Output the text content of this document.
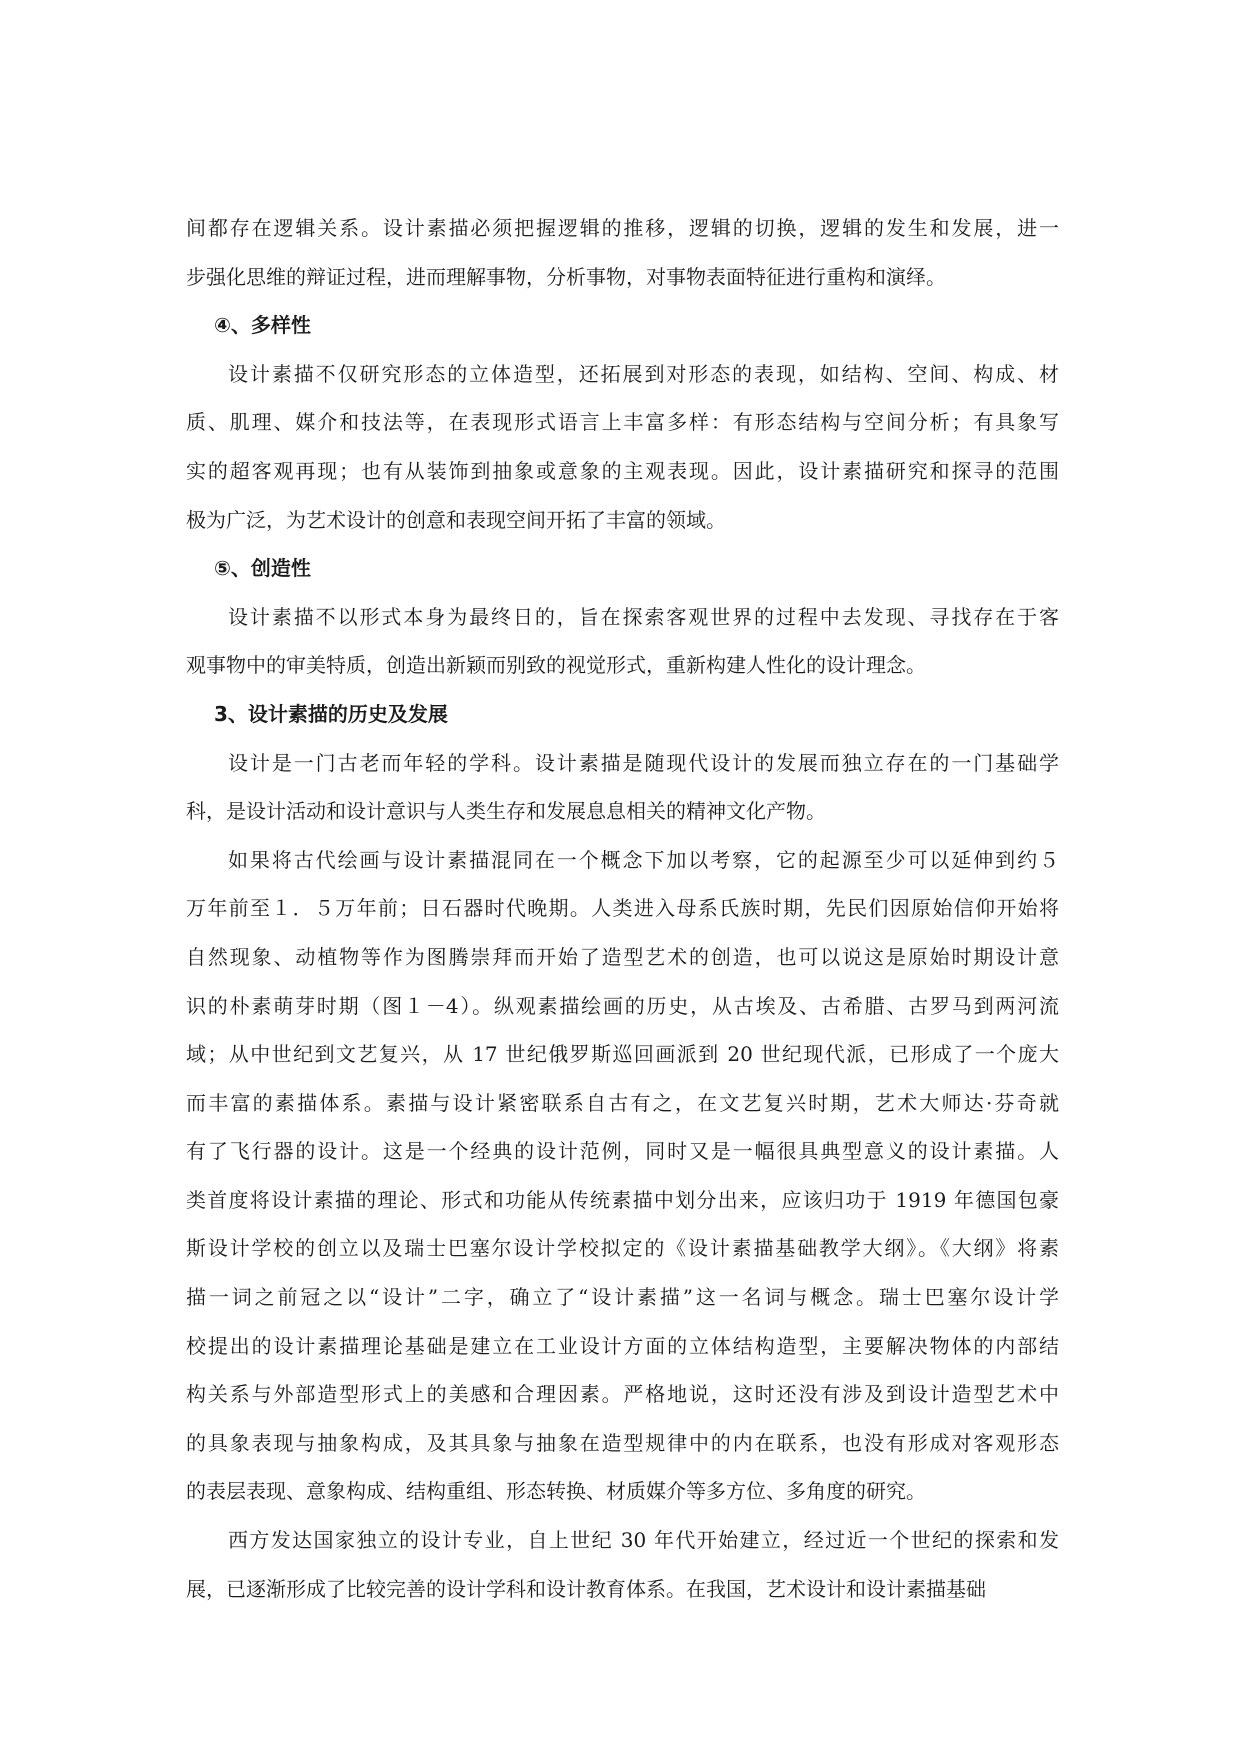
间都存在逻辑关系。设计素描必须把握逻辑的推移，逻辑的切换，逻辑的发生和发展，进一
步强化思维的辩证过程，进而理解事物，分析事物，对事物表面特征进行重构和演绎。
④、多样性
设计素描不仅研究形态的立体造型，还拓展到对形态的表现，如结构、空间、构成、材
质、肌理、媒介和技法等，在表现形式语言上丰富多样：有形态结构与空间分析；有具象写
实的超客观再现；也有从装饰到抽象或意象的主观表现。因此，设计素描研究和探寻的范围
极为广泛，为艺术设计的创意和表现空间开拓了丰富的领域。
⑤、创造性
设计素描不以形式本身为最终日的，旨在探索客观世界的过程中去发现、寻找存在于客
观事物中的审美特质，创造出新颖而别致的视觉形式，重新构建人性化的设计理念。
3、设计素描的历史及发展
设计是一门古老而年轻的学科。设计素描是随现代设计的发展而独立存在的一门基础学
科，是设计活动和设计意识与人类生存和发展息息相关的精神文化产物。
如果将古代绘画与设计素描混同在一个概念下加以考察，它的起源至少可以延伸到约５
万年前至１．５万年前；日石器时代晚期。人类进入母系氏族时期，先民们因原始信仰开始将
自然现象、动植物等作为图腾崇拜而开始了造型艺术的创造，也可以说这是原始时期设计意
识的朴素萌芽时期（图１－4）。纵观素描绘画的历史，从古埃及、古希腊、古罗马到两河流
域；从中世纪到文艺复兴，从 17 世纪俄罗斯巡回画派到 20 世纪现代派，已形成了一个庞大
而丰富的素描体系。素描与设计紧密联系自古有之，在文艺复兴时期，艺术大师达·芬奇就
有了飞行器的设计。这是一个经典的设计范例，同时又是一幅很具典型意义的设计素描。人
类首度将设计素描的理论、形式和功能从传统素描中划分出来，应该归功于 1919 年德国包豪
斯设计学校的创立以及瑞士巴塞尔设计学校拟定的《设计素描基础教学大纲》。《大纲》将素
描一词之前冠之以“设计”二字，确立了“设计素描”这一名词与概念。瑞士巴塞尔设计学
校提出的设计素描理论基础是建立在工业设计方面的立体结构造型，主要解决物体的内部结
构关系与外部造型形式上的美感和合理因素。严格地说，这时还没有涉及到设计造型艺术中
的具象表现与抽象构成，及其具象与抽象在造型规律中的内在联系，也没有形成对客观形态
的表层表现、意象构成、结构重组、形态转换、材质媒介等多方位、多角度的研究。
西方发达国家独立的设计专业，自上世纪 30 年代开始建立，经过近一个世纪的探索和发
展，已逐渐形成了比较完善的设计学科和设计教育体系。在我国，艺术设计和设计素描基础
